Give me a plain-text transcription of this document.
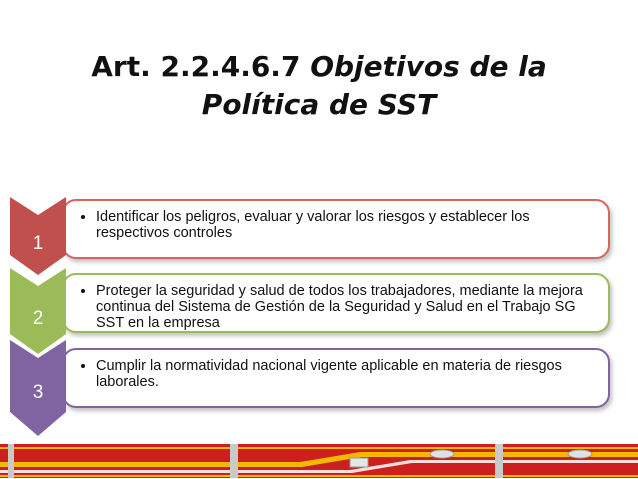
Art. 2.2.4.6.7 Objetivos de la
Política de SST
• Identificar los peligros, evaluar y valorar los riesgos y establecer los respectivos controles
1
• Proteger la seguridad y salud de todos los trabajadores, mediante la mejora continua del Sistema de Gestión de la Seguridad y Salud en el Trabajo SG SST en la empresa
2
• Cumplir la normatividad nacional vigente aplicable en materia de riesgos laborales.
3
